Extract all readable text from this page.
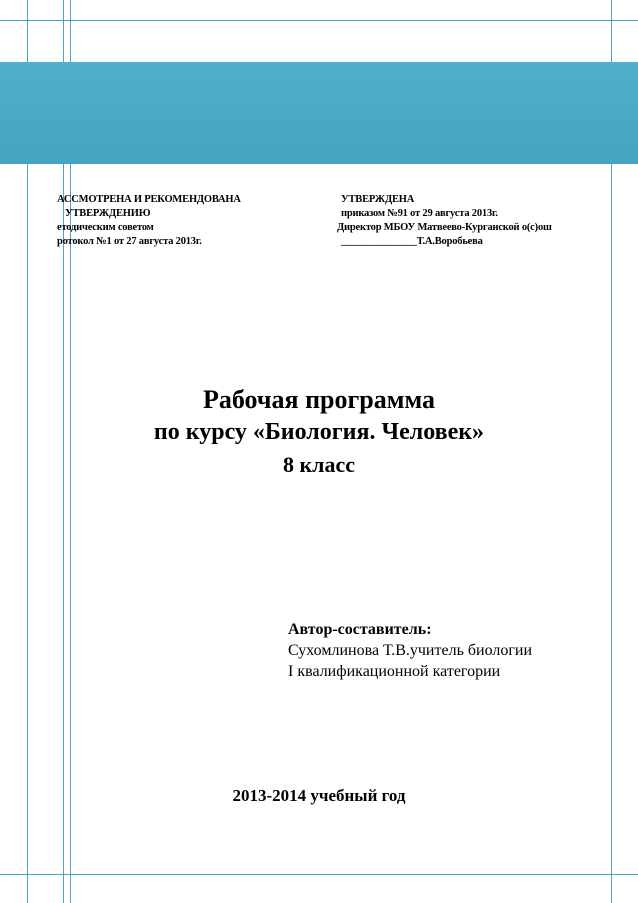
АССМОТРЕНА И РЕКОМЕНДОВАНА
УТВЕРЖДЕНИЮ
етодическим советом
ротокол №1 от 27 августа 2013г.
УТВЕРЖДЕНА
приказом №91 от 29 августа 2013г.
Директор МБОУ Матвеево-Курганской о(с)ош
_______________Т.А.Воробьева
Рабочая программа
по курсу «Биология. Человек»
8 класс
Автор-составитель:
Сухомлинова Т.В.учитель биологии
I квалификационной категории
2013-2014 учебный год
